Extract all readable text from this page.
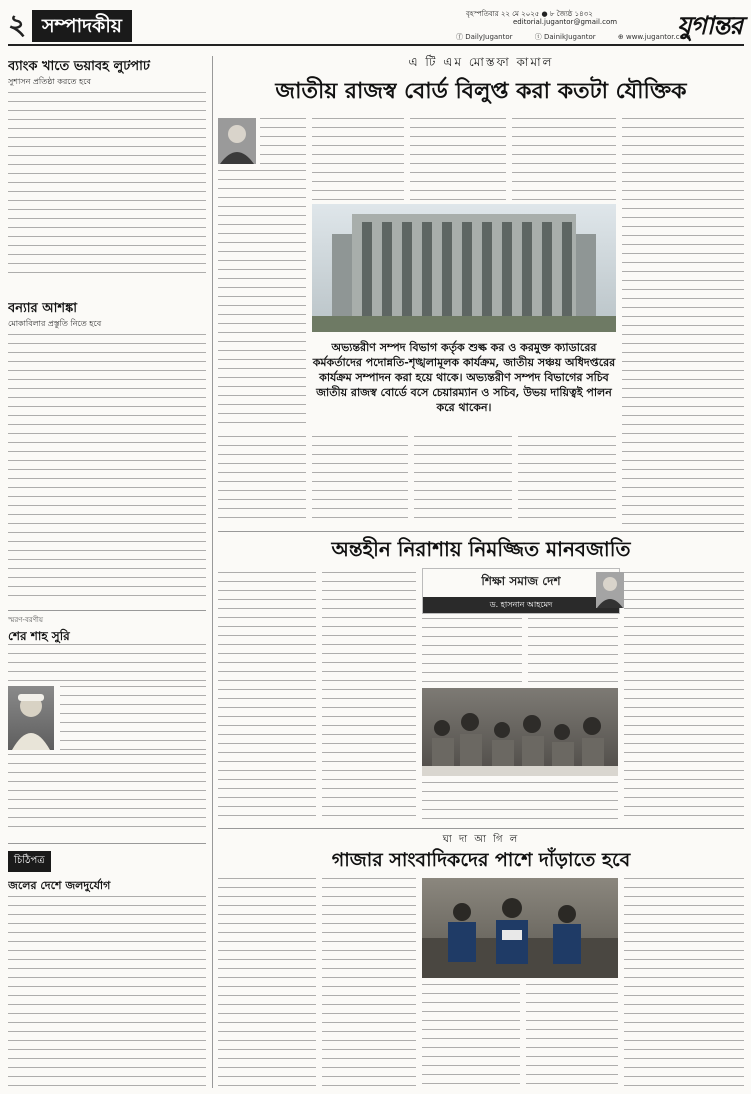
২ সম্পাদকীয়
বৃহস্পতিবার ২২ মে ২০২৫ ● ৮ জ্যৈষ্ঠ ১৪৩২
editorial.jugantor@gmail.com
ⓕ DailyJugantor	ⓣ DainikJugantor	⊕ www.jugantor.com
যুগান্তর
ব্যাংক খাতে ভয়াবহ লুটপাট
সুশাসন প্রতিষ্ঠা করতে হবে
বন্যার আশঙ্কা
মোকাবিলার প্রস্তুতি নিতে হবে
স্মরণ-বরণীয়
শের শাহ সুরি
চিঠিপত্র
জলের দেশে জলদুর্যোগ
এ টি এম মোস্তফা কামাল
জাতীয় রাজস্ব বোর্ড বিলুপ্ত করা কতটা যৌক্তিক
অভ্যন্তরীণ সম্পদ বিভাগ কর্তৃক শুল্ক কর ও করমুক্ত ক্যাডারের কর্মকর্তাদের পদোন্নতি-শৃঙ্খলামূলক কার্যক্রম, জাতীয় সঞ্চয় অধিদপ্তরের কার্যক্রম সম্পাদন করা হয়ে থাকে। অভ্যন্তরীণ সম্পদ বিভাগের সচিব জাতীয় রাজস্ব বোর্ডে বসে চেয়ারম্যান ও সচিব, উভয় দায়িত্বই পালন করে থাকেন।
অন্তহীন নিরাশায় নিমজ্জিত মানবজাতি
শিক্ষা সমাজ দেশ
ড. হাসনান আহমেদ
ঘা দা আ গি ল
গাজার সাংবাদিকদের পাশে দাঁড়াতে হবে
